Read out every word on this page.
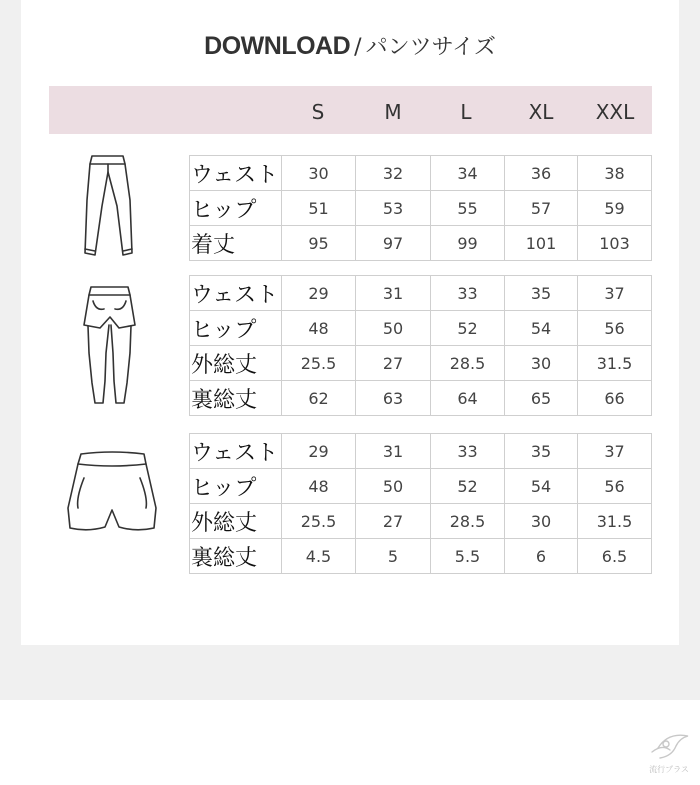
DOWNLOAD / パンツサイズ
S	M	L	XL	XXL
ウェスト	30	32	34	36	38
ヒップ	51	53	55	57	59
着丈	95	97	99	101	103
ウェスト	29	31	33	35	37
ヒップ	48	50	52	54	56
外総丈	25.5	27	28.5	30	31.5
裏総丈	62	63	64	65	66
ウェスト	29	31	33	35	37
ヒップ	48	50	52	54	56
外総丈	25.5	27	28.5	30	31.5
裏総丈	4.5	5	5.5	6	6.5
流行プラス
